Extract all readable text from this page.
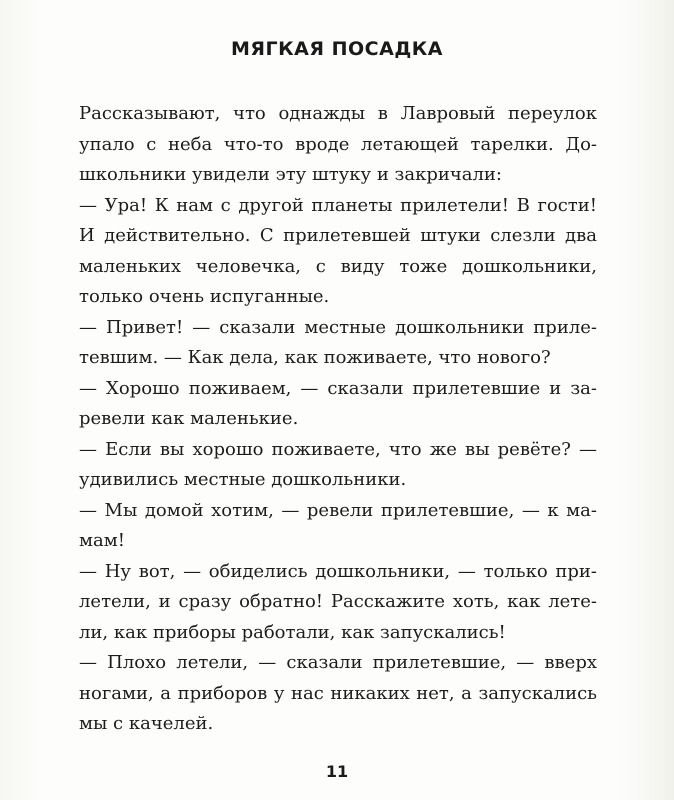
МЯГКАЯ ПОСАДКА
Рассказывают, что однажды в Лавровый переулок
упало с неба что-то вроде летающей тарелки. До-
школьники увидели эту штуку и закричали:
— Ура! К нам с другой планеты прилетели! В гости!
И действительно. С прилетевшей штуки слезли два
маленьких человечка, с виду тоже дошкольники,
только очень испуганные.
— Привет! — сказали местные дошкольники приле-
тевшим. — Как дела, как поживаете, что нового?
— Хорошо поживаем, — сказали прилетевшие и за-
ревели как маленькие.
— Если вы хорошо поживаете, что же вы ревёте? —
удивились местные дошкольники.
— Мы домой хотим, — ревели прилетевшие, — к ма-
мам!
— Ну вот, — обиделись дошкольники, — только при-
летели, и сразу обратно! Расскажите хоть, как лете-
ли, как приборы работали, как запускались!
— Плохо летели, — сказали прилетевшие, — вверх
ногами, а приборов у нас никаких нет, а запускались
мы с качелей.
11
